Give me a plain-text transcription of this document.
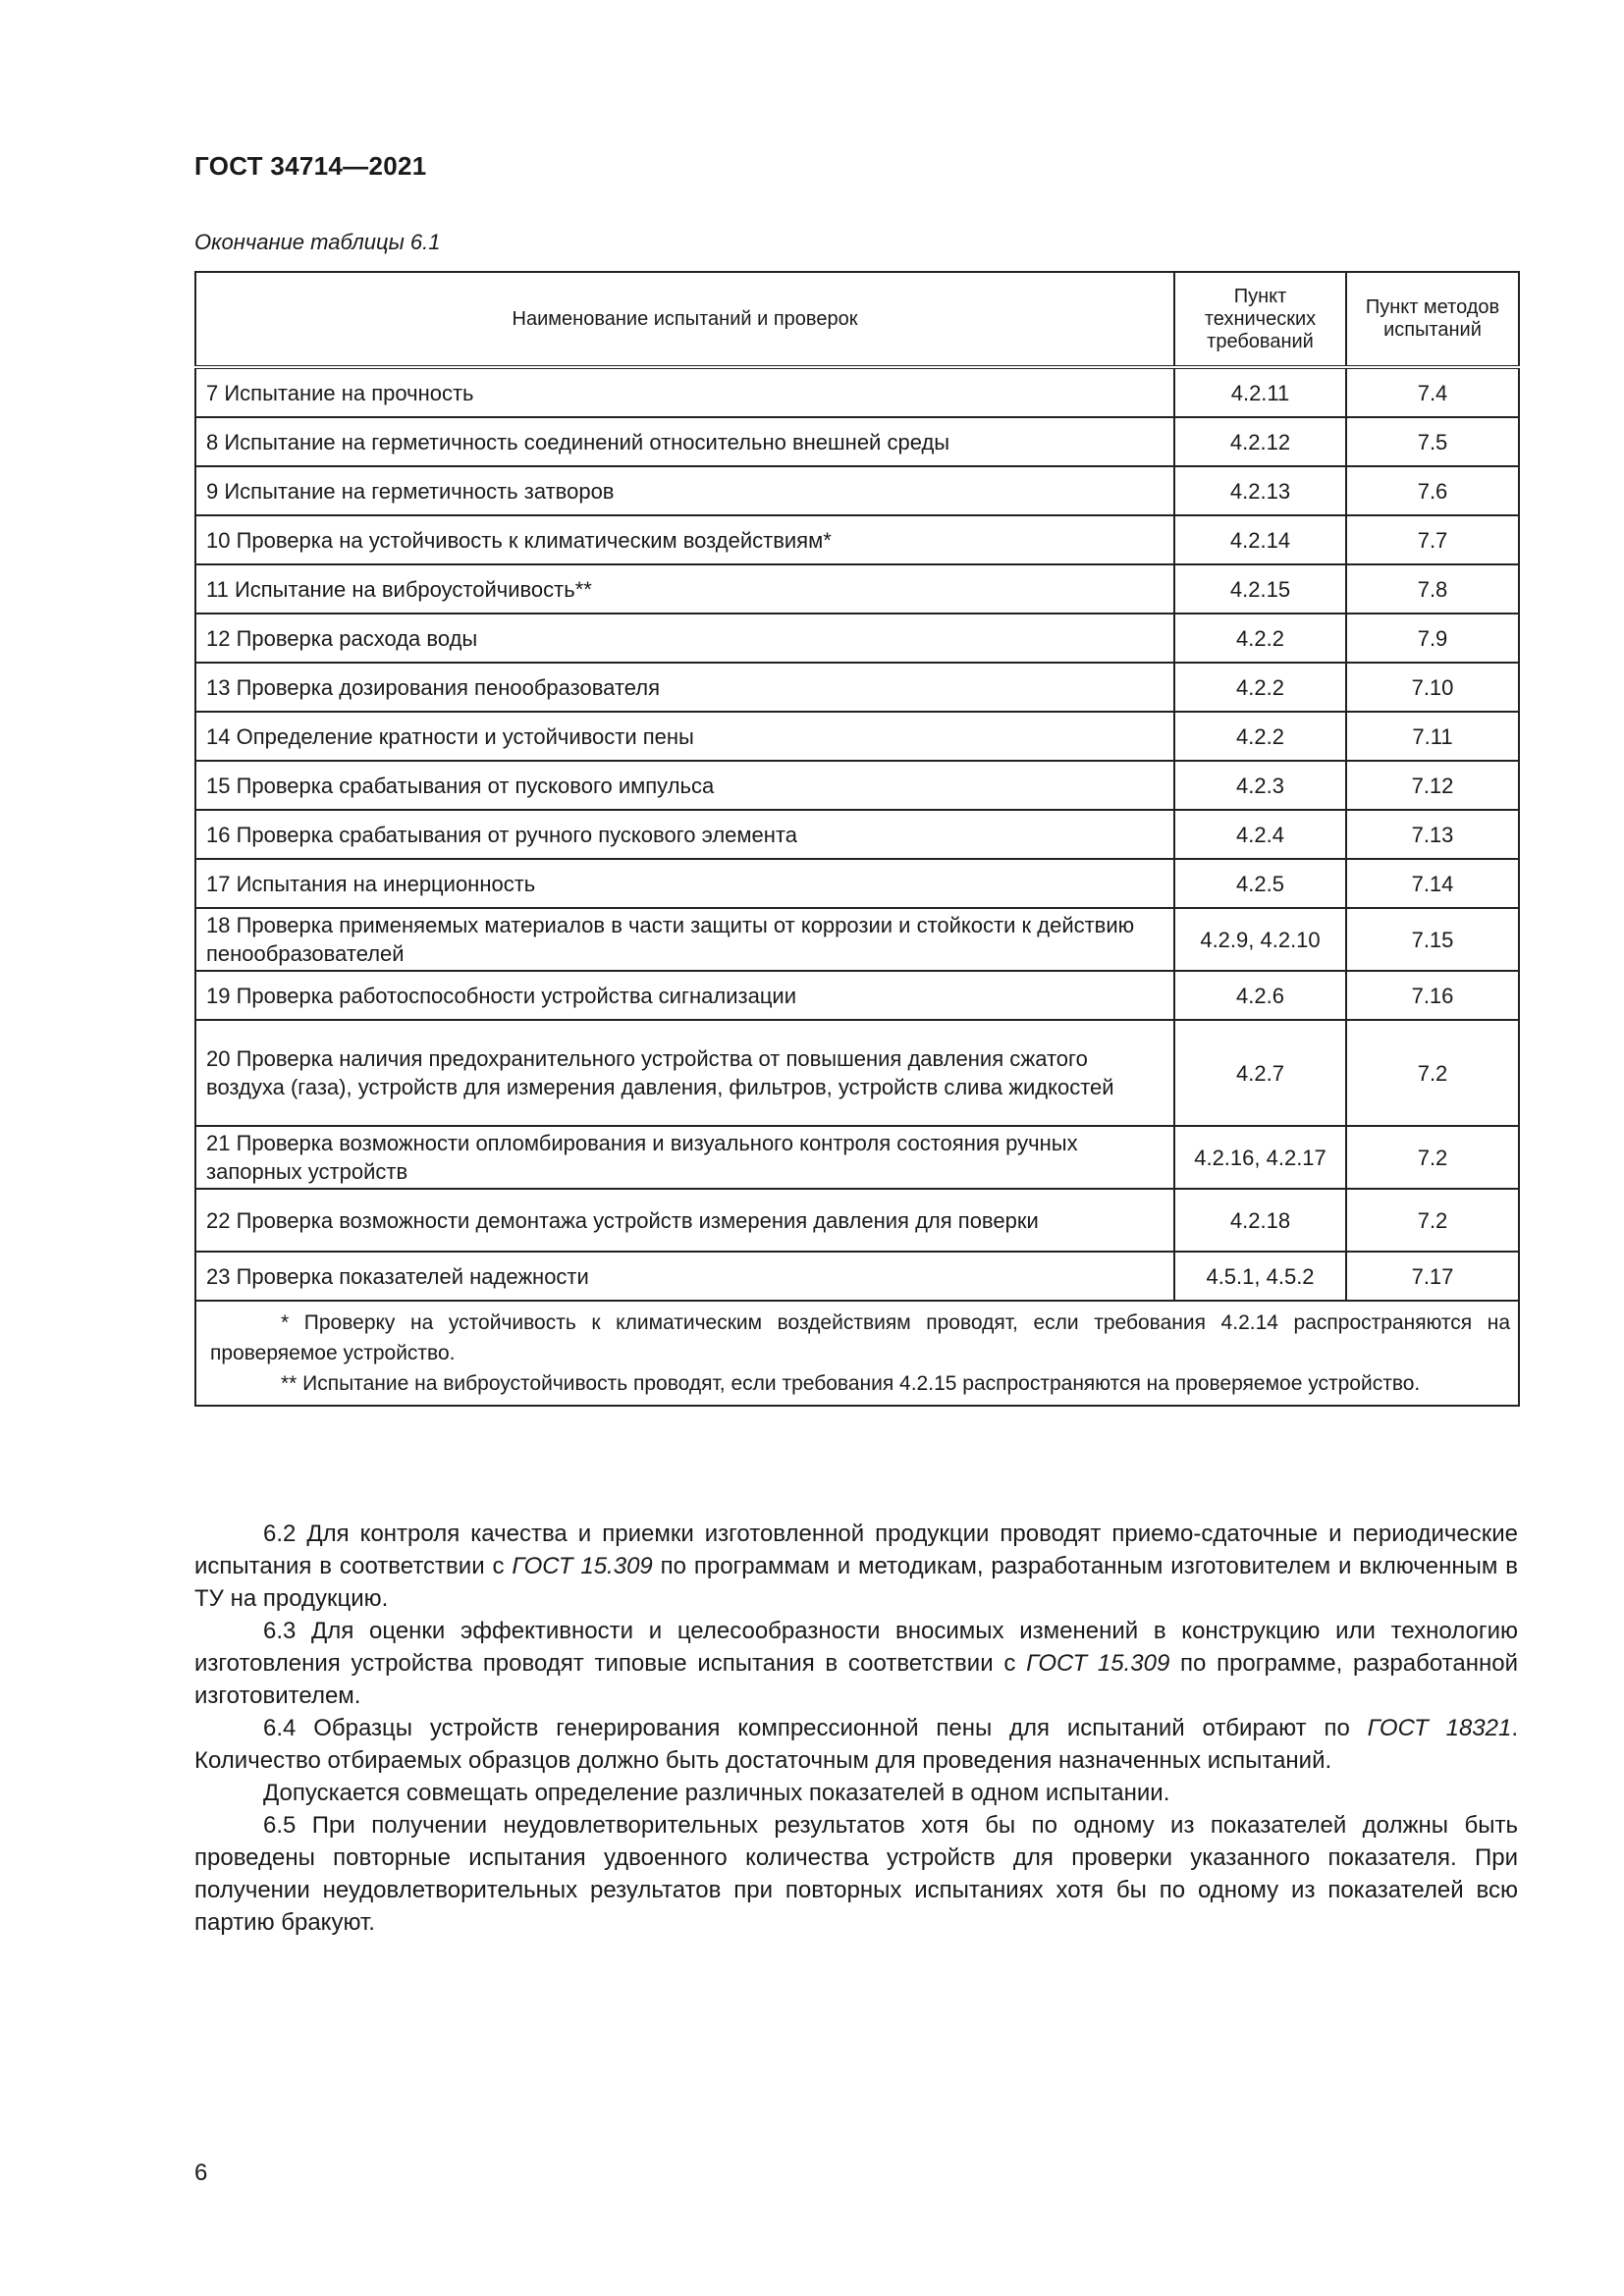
ГОСТ 34714—2021
Окончание таблицы 6.1
Наименование испытаний и проверок	Пункт технических требований	Пункт методов испытаний
7 Испытание на прочность	4.2.11	7.4
8 Испытание на герметичность соединений относительно внешней среды	4.2.12	7.5
9 Испытание на герметичность затворов	4.2.13	7.6
10 Проверка на устойчивость к климатическим воздействиям*	4.2.14	7.7
11 Испытание на виброустойчивость**	4.2.15	7.8
12 Проверка расхода воды	4.2.2	7.9
13 Проверка дозирования пенообразователя	4.2.2	7.10
14 Определение кратности и устойчивости пены	4.2.2	7.11
15 Проверка срабатывания от пускового импульса	4.2.3	7.12
16 Проверка срабатывания от ручного пускового элемента	4.2.4	7.13
17 Испытания на инерционность	4.2.5	7.14
18 Проверка применяемых материалов в части защиты от коррозии и стойкости к действию пенообразователей	4.2.9, 4.2.10	7.15
19 Проверка работоспособности устройства сигнализации	4.2.6	7.16
20 Проверка наличия предохранительного устройства от повышения давления сжатого воздуха (газа), устройств для измерения давления, фильтров, устройств слива жидкостей	4.2.7	7.2
21 Проверка возможности опломбирования и визуального контроля состояния ручных запорных устройств	4.2.16, 4.2.17	7.2
22 Проверка возможности демонтажа устройств измерения давления для поверки	4.2.18	7.2
23 Проверка показателей надежности	4.5.1, 4.5.2	7.17

* Проверку на устойчивость к климатическим воздействиям проводят, если требования 4.2.14 распространяются на проверяемое устройство.
** Испытание на виброустойчивость проводят, если требования 4.2.15 распространяются на проверяемое устройство.		

6.2 Для контроля качества и приемки изготовленной продукции проводят приемо-сдаточные и периодические испытания в соответствии с ГОСТ 15.309 по программам и методикам, разработанным изготовителем и включенным в ТУ на продукцию.

6.3 Для оценки эффективности и целесообразности вносимых изменений в конструкцию или технологию изготовления устройства проводят типовые испытания в соответствии с ГОСТ 15.309 по программе, разработанной изготовителем.

6.4 Образцы устройств генерирования компрессионной пены для испытаний отбирают по ГОСТ 18321. Количество отбираемых образцов должно быть достаточным для проведения назначенных испытаний.

Допускается совмещать определение различных показателей в одном испытании.

6.5 При получении неудовлетворительных результатов хотя бы по одному из показателей должны быть проведены повторные испытания удвоенного количества устройств для проверки указанного показателя. При получении неудовлетворительных результатов при повторных испытаниях хотя бы по одному из показателей всю партию бракуют.

6
